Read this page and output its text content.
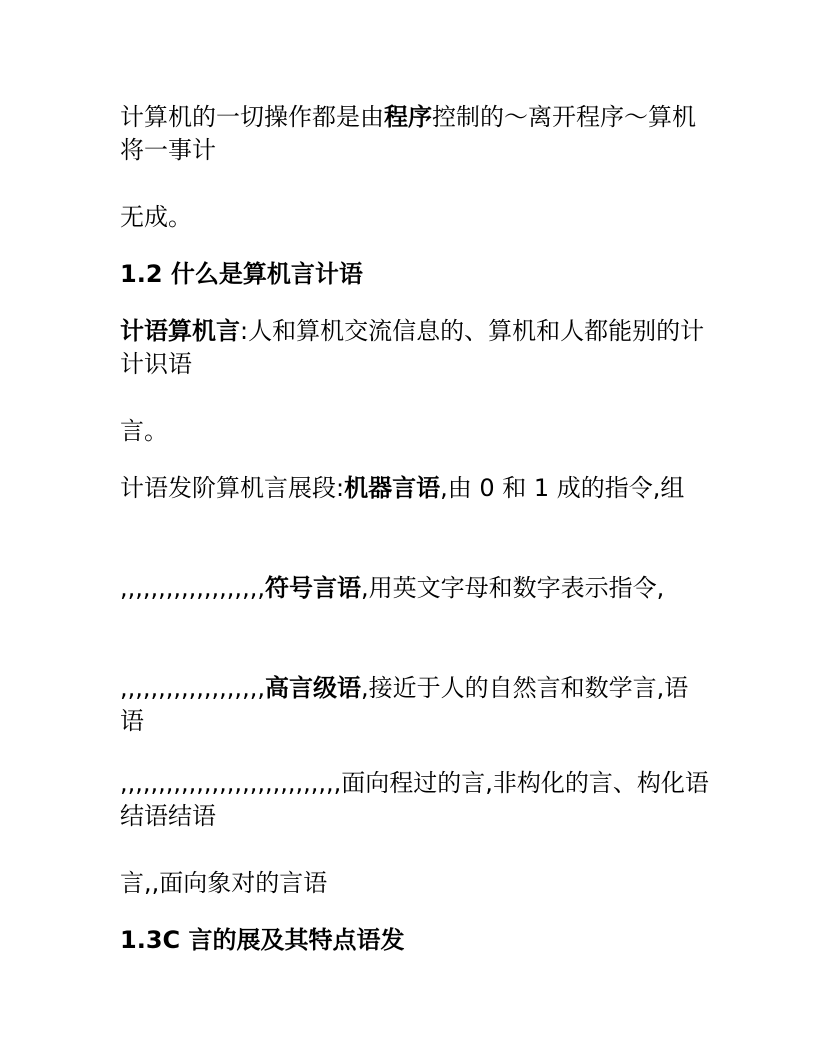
计算机的一切操作都是由程序控制的～离开程序～算机将一事计

无成。

1.2 什么是算机言计语

计语算机言:人和算机交流信息的、算机和人都能别的计计识语

言。

计语发阶算机言展段:机器言语,由 0 和 1 成的指令,组

,,,,,,,,,,,,,,,,,,,符号言语,用英文字母和数字表示指令,

,,,,,,,,,,,,,,,,,,,高言级语,接近于人的自然言和数学言,语语

,,,,,,,,,,,,,,,,,,,,,,,,,,,,,面向程过的言,非构化的言、构化语结语结语

言,,面向象对的言语

1.3C 言的展及其特点语发
